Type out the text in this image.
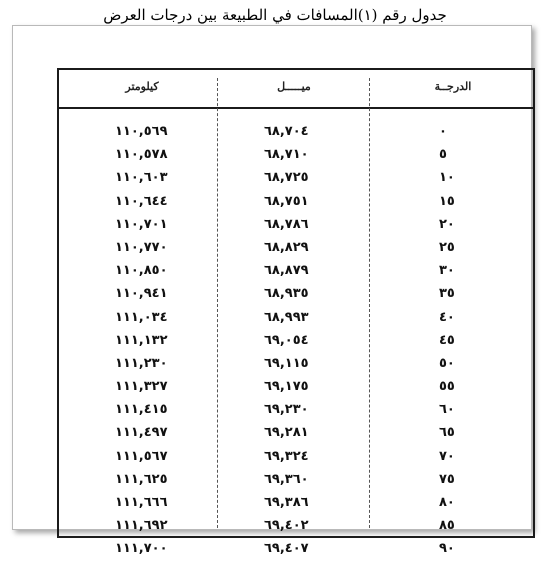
جدول رقم (١)المسافات في الطبيعة بين درجات العرض
كيلومتر	ميـــــل	الدرجــة
١١٠,٥٦٩	٦٨,٧٠٤	٠
١١٠,٥٧٨	٦٨,٧١٠	٥
١١٠,٦٠٣	٦٨,٧٢٥	١٠
١١٠,٦٤٤	٦٨,٧٥١	١٥
١١٠,٧٠١	٦٨,٧٨٦	٢٠
١١٠,٧٧٠	٦٨,٨٢٩	٢٥
١١٠,٨٥٠	٦٨,٨٧٩	٣٠
١١٠,٩٤١	٦٨,٩٣٥	٣٥
١١١,٠٣٤	٦٨,٩٩٣	٤٠
١١١,١٣٢	٦٩,٠٥٤	٤٥
١١١,٢٣٠	٦٩,١١٥	٥٠
١١١,٣٢٧	٦٩,١٧٥	٥٥
١١١,٤١٥	٦٩,٢٣٠	٦٠
١١١,٤٩٧	٦٩,٢٨١	٦٥
١١١,٥٦٧	٦٩,٣٢٤	٧٠
١١١,٦٢٥	٦٩,٣٦٠	٧٥
١١١,٦٦٦	٦٩,٣٨٦	٨٠
١١١,٦٩٢	٦٩,٤٠٢	٨٥
١١١,٧٠٠	٦٩,٤٠٧	٩٠
